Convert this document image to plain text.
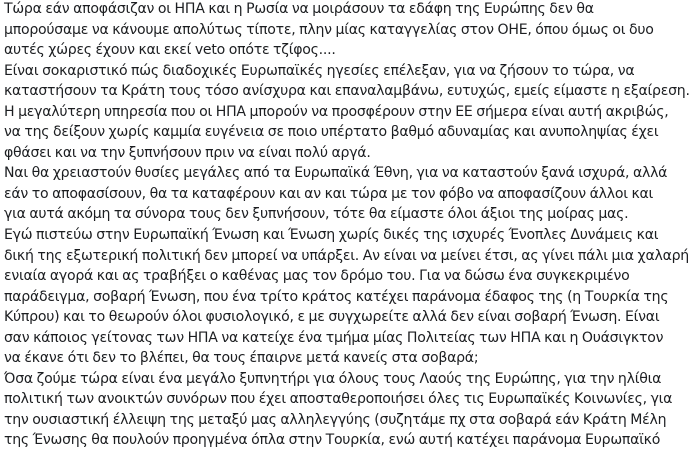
Τώρα εάν αποφάσιζαν οι ΗΠΑ και η Ρωσία να μοιράσουν τα εδάφη της Ευρώπης δεν θα
μπορούσαμε να κάνουμε απολύτως τίποτε, πλην μίας καταγγελίας στον ΟΗΕ, όπου όμως οι δυο
αυτές χώρες έχουν και εκεί veto οπότε τζίφος....
Είναι σοκαριστικό πώς διαδοχικές Ευρωπαϊκές ηγεσίες επέλεξαν, για να ζήσουν το τώρα, να
καταστήσουν τα Κράτη τους τόσο ανίσχυρα και επαναλαμβάνω, ευτυχώς, εμείς είμαστε η εξαίρεση.
Η μεγαλύτερη υπηρεσία που οι ΗΠΑ μπορούν να προσφέρουν στην ΕΕ σήμερα είναι αυτή ακριβώς,
να της δείξουν χωρίς καμμία ευγένεια σε ποιο υπέρτατο βαθμό αδυναμίας και ανυποληψίας έχει
φθάσει και να την ξυπνήσουν πριν να είναι πολύ αργά.
Ναι θα χρειαστούν θυσίες μεγάλες από τα Ευρωπαϊκά Έθνη, για να καταστούν ξανά ισχυρά, αλλά
εάν το αποφασίσουν, θα τα καταφέρουν και αν και τώρα με τον φόβο να αποφασίζουν άλλοι και
για αυτά ακόμη τα σύνορα τους δεν ξυπνήσουν, τότε θα είμαστε όλοι άξιοι της μοίρας μας.
Εγώ πιστεύω στην Ευρωπαϊκή Ένωση και Ένωση χωρίς δικές της ισχυρές Ένοπλες Δυνάμεις και
δική της εξωτερική πολιτική δεν μπορεί να υπάρξει. Αν είναι να μείνει έτσι, ας γίνει πάλι μια χαλαρή
ενιαία αγορά και ας τραβήξει ο καθένας μας τον δρόμο του. Για να δώσω ένα συγκεκριμένο
παράδειγμα, σοβαρή Ένωση, που ένα τρίτο κράτος κατέχει παράνομα έδαφος της (η Τουρκία της
Κύπρου) και το θεωρούν όλοι φυσιολογικό, ε με συγχωρείτε αλλά δεν είναι σοβαρή Ένωση. Είναι
σαν κάποιος γείτονας των ΗΠΑ να κατείχε ένα τμήμα μίας Πολιτείας των ΗΠΑ και η Ουάσιγκτον
να έκανε ότι δεν το βλέπει, θα τους έπαιρνε μετά κανείς στα σοβαρά;
Όσα ζούμε τώρα είναι ένα μεγάλο ξυπνητήρι για όλους τους Λαούς της Ευρώπης, για την ηλίθια
πολιτική των ανοικτών συνόρων που έχει αποσταθεροποιήσει όλες τις Ευρωπαϊκές Κοινωνίες, για
την ουσιαστική έλλειψη της μεταξύ μας αλληλεγγύης (συζητάμε πχ στα σοβαρά εάν Κράτη Μέλη
της Ένωσης θα πουλούν προηγμένα όπλα στην Τουρκία, ενώ αυτή κατέχει παράνομα Ευρωπαϊκό
